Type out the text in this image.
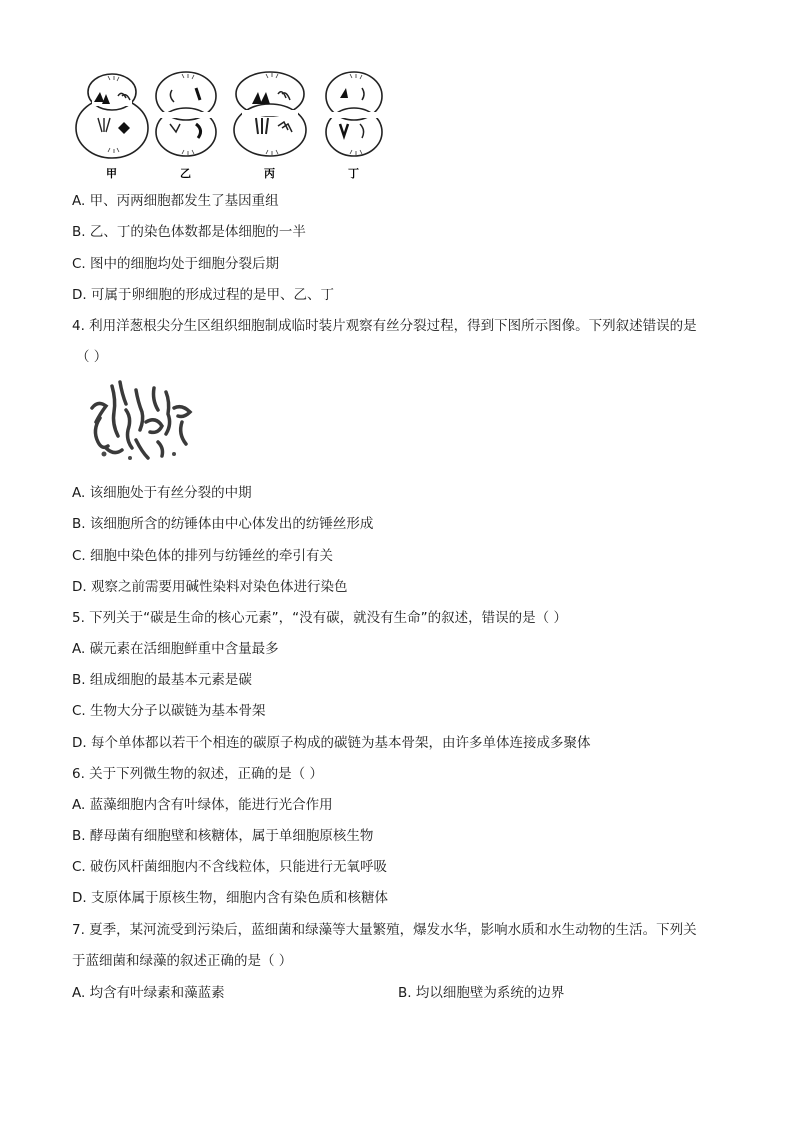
甲	乙	丙	丁
A. 甲、丙两细胞都发生了基因重组
B. 乙、丁的染色体数都是体细胞的一半
C. 图中的细胞均处于细胞分裂后期
D. 可属于卵细胞的形成过程的是甲、乙、丁
4. 利用洋葱根尖分生区组织细胞制成临时装片观察有丝分裂过程，得到下图所示图像。下列叙述错误的是
（ ）
A. 该细胞处于有丝分裂的中期
B. 该细胞所含的纺锤体由中心体发出的纺锤丝形成
C. 细胞中染色体的排列与纺锤丝的牵引有关
D. 观察之前需要用碱性染料对染色体进行染色
5. 下列关于“碳是生命的核心元素”，“没有碳，就没有生命”的叙述，错误的是（ ）
A. 碳元素在活细胞鲜重中含量最多
B. 组成细胞的最基本元素是碳
C. 生物大分子以碳链为基本骨架
D. 每个单体都以若干个相连的碳原子构成的碳链为基本骨架，由许多单体连接成多聚体
6. 关于下列微生物的叙述，正确的是（ ）
A. 蓝藻细胞内含有叶绿体，能进行光合作用
B. 酵母菌有细胞壁和核糖体，属于单细胞原核生物
C. 破伤风杆菌细胞内不含线粒体，只能进行无氧呼吸
D. 支原体属于原核生物，细胞内含有染色质和核糖体
7. 夏季，某河流受到污染后，蓝细菌和绿藻等大量繁殖，爆发水华，影响水质和水生动物的生活。下列关
于蓝细菌和绿藻的叙述正确的是（ ）
A. 均含有叶绿素和藻蓝素	B. 均以细胞壁为系统的边界
